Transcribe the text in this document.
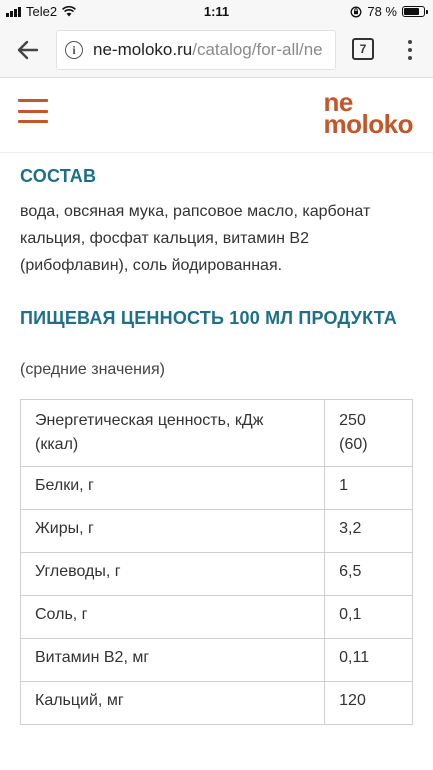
Tele2	1:11	78 %
i	ne-moloko.ru/catalog/for-all/ne	7
ne
moloko
СОСТАВ

вода, овсяная мука, рапсовое масло, карбонат кальция, фосфат кальция, витамин В2 (рибофлавин), соль йодированная.

ПИЩЕВАЯ ЦЕННОСТЬ 100 МЛ ПРОДУКТА

(средние значения)

Энергетическая ценность, кДж (ккал)	250 (60)
Белки, г	1
Жиры, г	3,2
Углеводы, г	6,5
Соль, г	0,1
Витамин В2, мг	0,11
Кальций, мг	120
